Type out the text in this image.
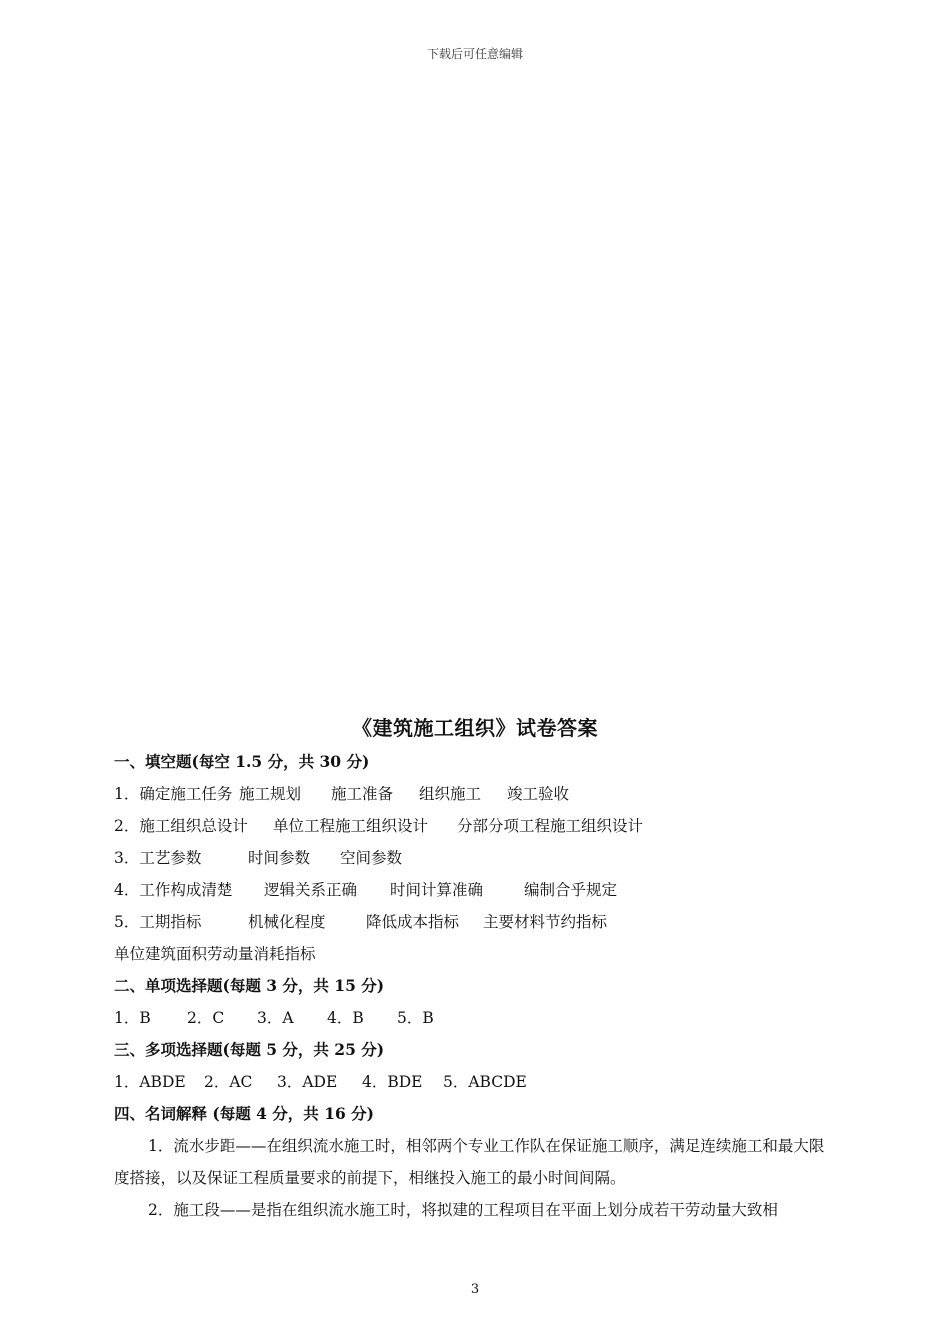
下载后可任意编辑
《建筑施工组织》试卷答案
一、填空题(每空 1.5 分，共 30 分)
1．确定施工任务 施工规划 施工准备 组织施工 竣工验收
2．施工组织总设计 单位工程施工组织设计 分部分项工程施工组织设计
3．工艺参数	时间参数 空间参数
4．工作构成清楚 逻辑关系正确 时间计算准确	编制合乎规定
5．工期指标	机械化程度	降低成本指标 主要材料节约指标
单位建筑面积劳动量消耗指标
二、单项选择题(每题 3 分，共 15 分)
1．B 2．C 3．A 4．B 5．B
三、多项选择题(每题 5 分，共 25 分)
1．ABDE 2．AC 3．ADE 4．BDE 5．ABCDE
四、名词解释 (每题 4 分，共 16 分)
1．流水步距——在组织流水施工时，相邻两个专业工作队在保证施工顺序，满足连续施工和最大限度搭接，以及保证工程质量要求的前提下，相继投入施工的最小时间间隔。
2．施工段——是指在组织流水施工时，将拟建的工程项目在平面上划分成若干劳动量大致相
3
